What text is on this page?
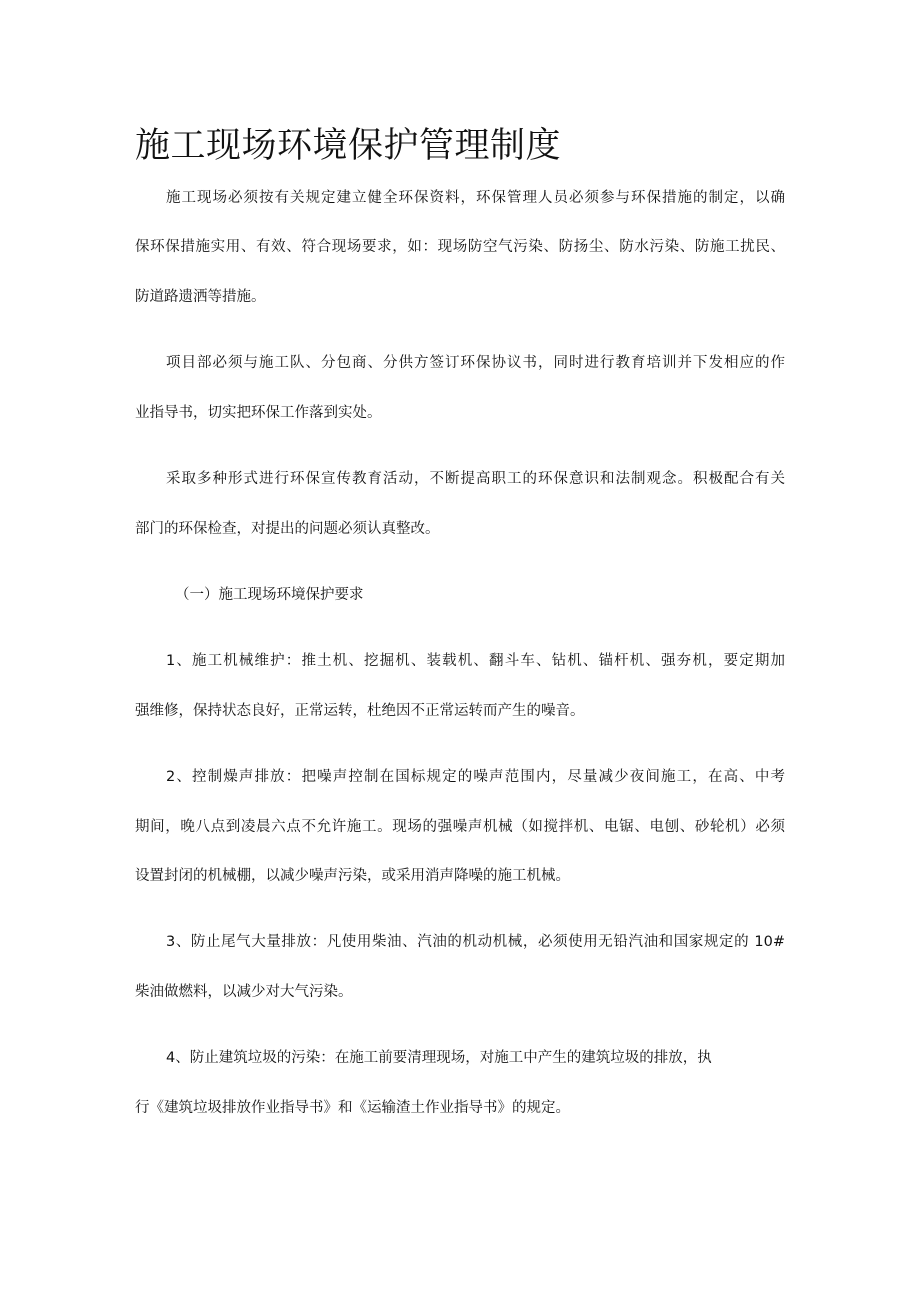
施工现场环境保护管理制度
施工现场必须按有关规定建立健全环保资料，环保管理人员必须参与环保措施的制定，以确
保环保措施实用、有效、符合现场要求，如：现场防空气污染、防扬尘、防水污染、防施工扰民、
防道路遗洒等措施。
项目部必须与施工队、分包商、分供方签订环保协议书，同时进行教育培训并下发相应的作
业指导书，切实把环保工作落到实处。
采取多种形式进行环保宣传教育活动，不断提高职工的环保意识和法制观念。积极配合有关
部门的环保检查，对提出的问题必须认真整改。
（一）施工现场环境保护要求
1、施工机械维护：推土机、挖掘机、装载机、翻斗车、钻机、锚杆机、强夯机，要定期加
强维修，保持状态良好，正常运转，杜绝因不正常运转而产生的噪音。
2、控制燥声排放：把噪声控制在国标规定的噪声范围内，尽量减少夜间施工，在高、中考
期间，晚八点到凌晨六点不允许施工。现场的强噪声机械（如搅拌机、电锯、电刨、砂轮机）必须
设置封闭的机械棚，以减少噪声污染，或采用消声降噪的施工机械。
3、防止尾气大量排放：凡使用柴油、汽油的机动机械，必须使用无铅汽油和国家规定的 10#
柴油做燃料，以减少对大气污染。
4、防止建筑垃圾的污染：在施工前要清理现场，对施工中产生的建筑垃圾的排放，执
行《建筑垃圾排放作业指导书》和《运输渣土作业指导书》的规定。
